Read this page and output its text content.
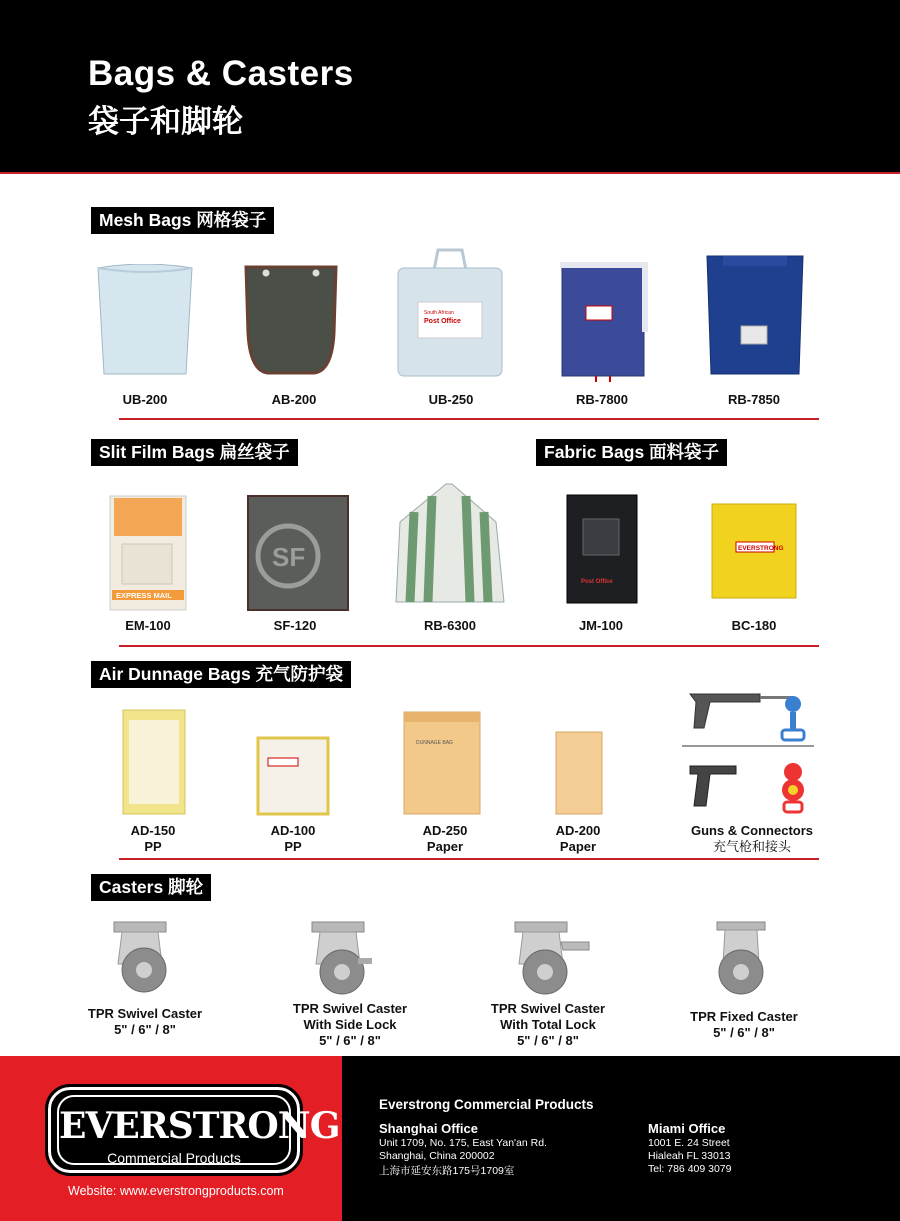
Bags & Casters
袋子和脚轮
Mesh Bags 网格袋子
South African
Post Office
UB-200	AB-200	UB-250	RB-7800	RB-7850
Slit Film Bags 扁丝袋子	Fabric Bags 面料袋子
EXPRESS MAIL
SF
Post Office
EVERSTRONG
EM-100	SF-120	RB-6300	JM-100	BC-180
Air Dunnage Bags 充气防护袋
DUNNAGE BAG
AD-150
PP
AD-100
PP
AD-250
Paper
AD-200
Paper
Guns & Connectors
充气枪和接头
Casters 脚轮
TPR Swivel Caster
5" / 6" / 8"
TPR Swivel Caster
With Side Lock
5" / 6" / 8"
TPR Swivel Caster
With Total Lock
5" / 6" / 8"
TPR Fixed Caster
5" / 6" / 8"
EVERSTRONG
Commercial Products
Website: www.everstrongproducts.com
Everstrong Commercial Products
Shanghai Office
Unit 1709, No. 175, East Yan'an Rd.
Shanghai, China 200002
上海市延安东路175号1709室
Miami Office
1001 E. 24 Street
Hialeah FL 33013
Tel: 786 409 3079
